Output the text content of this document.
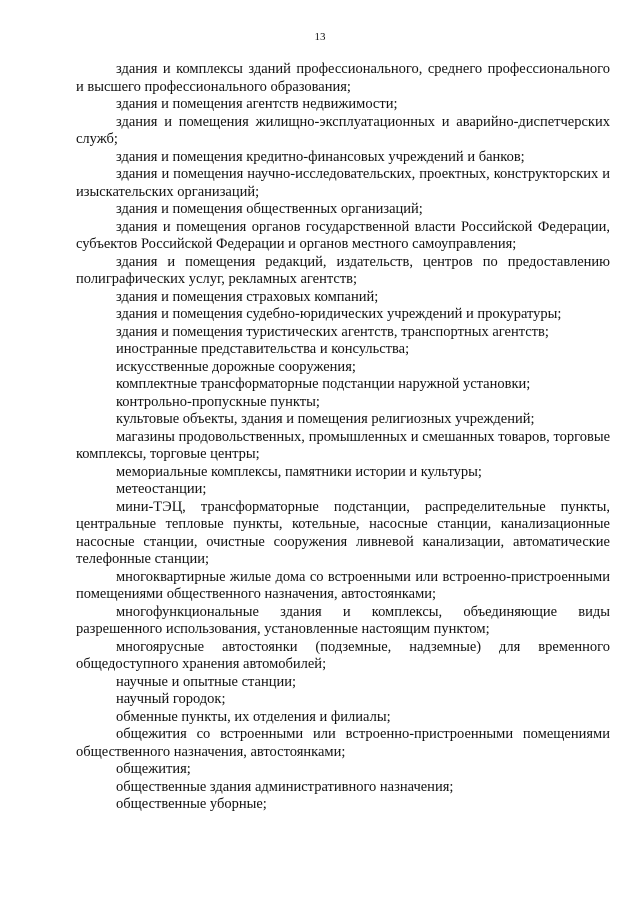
13

здания и комплексы зданий профессионального, среднего профессионального и высшего профессионального образования;

здания и помещения агентств недвижимости;

здания и помещения жилищно-эксплуатационных и аварийно-диспетчерских служб;

здания и помещения кредитно-финансовых учреждений и банков;

здания и помещения научно-исследовательских, проектных, конструкторских и изыскательских организаций;

здания и помещения общественных организаций;

здания и помещения органов государственной власти Российской Федерации, субъектов Российской Федерации и органов местного самоуправления;

здания и помещения редакций, издательств, центров по предоставлению полиграфических услуг, рекламных агентств;

здания и помещения страховых компаний;

здания и помещения судебно-юридических учреждений и прокуратуры;

здания и помещения туристических агентств, транспортных агентств;

иностранные представительства и консульства;

искусственные дорожные сооружения;

комплектные трансформаторные подстанции наружной установки;

контрольно-пропускные пункты;

культовые объекты, здания и помещения религиозных учреждений;

магазины продовольственных, промышленных и смешанных товаров, торговые комплексы, торговые центры;

мемориальные комплексы, памятники истории и культуры;

метеостанции;

мини-ТЭЦ, трансформаторные подстанции, распределительные пункты, центральные тепловые пункты, котельные, насосные станции, канализационные насосные станции, очистные сооружения ливневой канализации, автоматические телефонные станции;

многоквартирные жилые дома со встроенными или встроенно-пристроенными помещениями общественного назначения, автостоянками;

многофункциональные здания и комплексы, объединяющие виды разрешенного использования, установленные настоящим пунктом;

многоярусные автостоянки (подземные, надземные) для временного общедоступного хранения автомобилей;

научные и опытные станции;

научный городок;

обменные пункты, их отделения и филиалы;

общежития со встроенными или встроенно-пристроенными помещениями общественного назначения, автостоянками;

общежития;

общественные здания административного назначения;

общественные уборные;
